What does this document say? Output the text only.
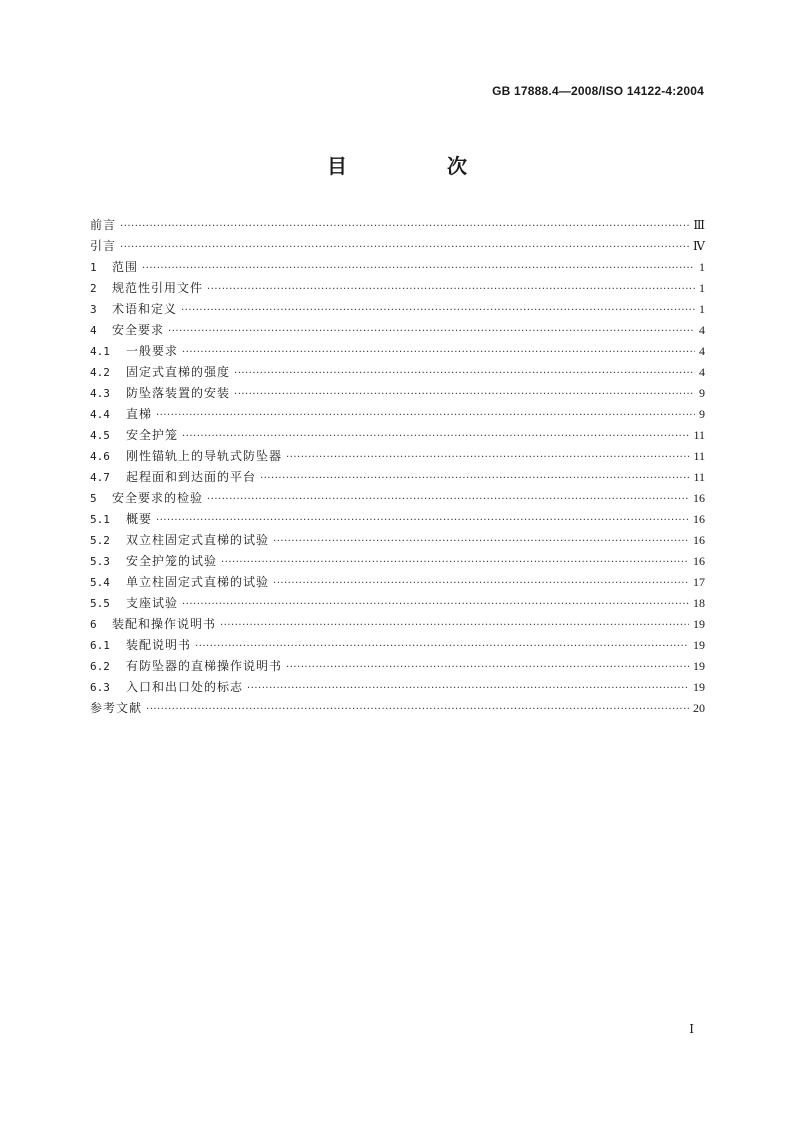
GB 17888.4—2008/ISO 14122-4:2004
目　次
前言 ·····	Ⅲ
引言 ·····	Ⅳ
1	范围 ·····	1
2	规范性引用文件 ·····	1
3	术语和定义 ·····	1
4	安全要求 ·····	4
4.1	一般要求 ·····	4
4.2	固定式直梯的强度 ·····	4
4.3	防坠落装置的安装 ·····	9
4.4	直梯 ·····	9
4.5	安全护笼 ·····	11
4.6	刚性锚轨上的导轨式防坠器 ·····	11
4.7	起程面和到达面的平台 ·····	11
5	安全要求的检验 ·····	16
5.1	概要 ·····	16
5.2	双立柱固定式直梯的试验 ·····	16
5.3	安全护笼的试验 ·····	16
5.4	单立柱固定式直梯的试验 ·····	17
5.5	支座试验 ·····	18
6	装配和操作说明书 ·····	19
6.1	装配说明书 ·····	19
6.2	有防坠器的直梯操作说明书 ·····	19
6.3	入口和出口处的标志 ·····	19
参考文献 ·····	20
Ⅰ
